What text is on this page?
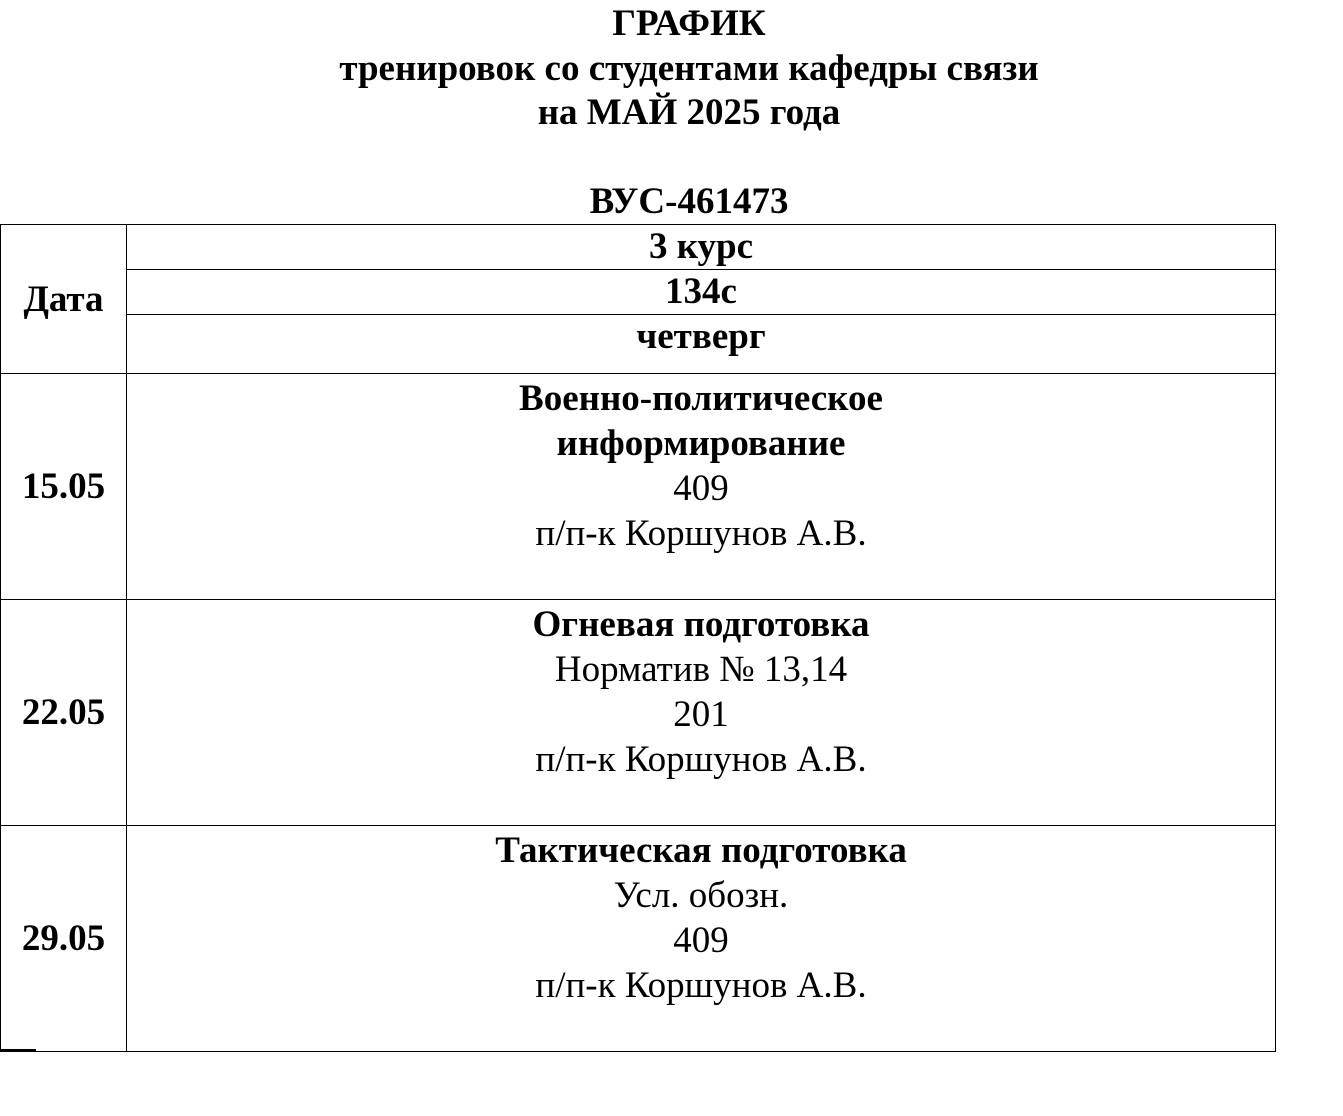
ГРАФИК
тренировок со студентами кафедры связи
на МАЙ 2025 года
ВУС-461473
Дата	3 курс
	134с
	четверг
15.05	Военно-политическое
информирование
409
п/п-к Коршунов А.В.

22.05	Огневая подготовка
Норматив № 13,14
201
п/п-к Коршунов А.В.

29.05	Тактическая подготовка
Усл. обозн.
409
п/п-к Коршунов А.В.
